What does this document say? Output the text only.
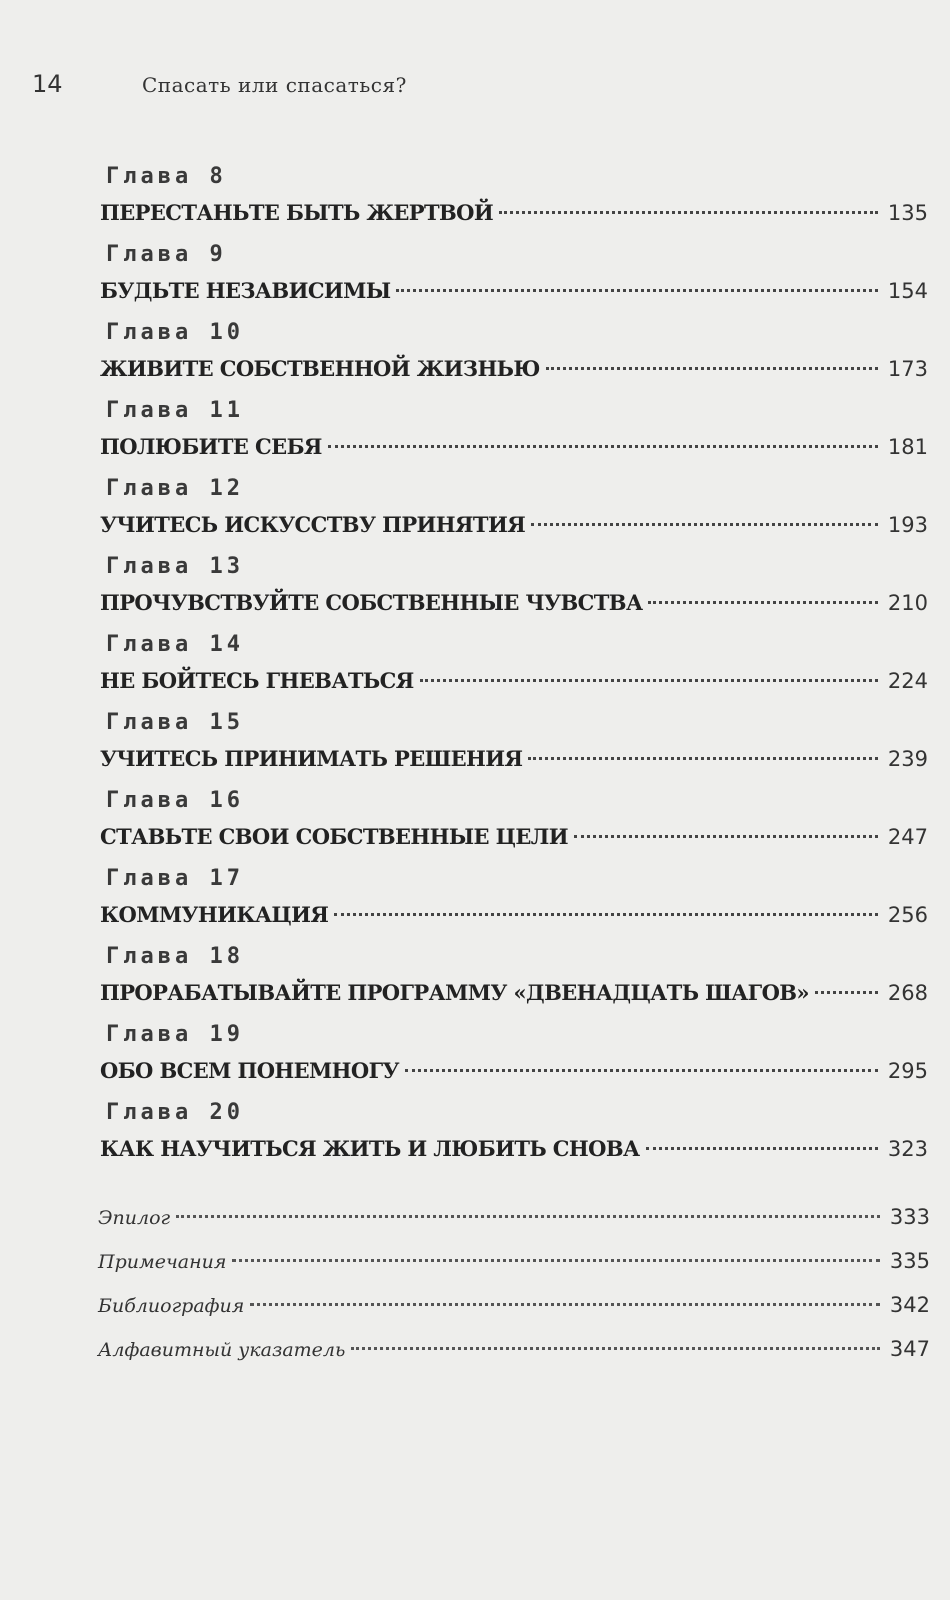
14	Спасать или спасаться?
Глава 8
ПЕРЕСТАНЬТЕ БЫТЬ ЖЕРТВОЙ	135
Глава 9
БУДЬТЕ НЕЗАВИСИМЫ	154
Глава 10
ЖИВИТЕ СОБСТВЕННОЙ ЖИЗНЬЮ	173
Глава 11
ПОЛЮБИТЕ СЕБЯ	181
Глава 12
УЧИТЕСЬ ИСКУССТВУ ПРИНЯТИЯ	193
Глава 13
ПРОЧУВСТВУЙТЕ СОБСТВЕННЫЕ ЧУВСТВА	210
Глава 14
НЕ БОЙТЕСЬ ГНЕВАТЬСЯ	224
Глава 15
УЧИТЕСЬ ПРИНИМАТЬ РЕШЕНИЯ	239
Глава 16
СТАВЬТЕ СВОИ СОБСТВЕННЫЕ ЦЕЛИ	247
Глава 17
КОММУНИКАЦИЯ	256
Глава 18
ПРОРАБАТЫВАЙТЕ ПРОГРАММУ «ДВЕНАДЦАТЬ ШАГОВ»	268
Глава 19
ОБО ВСЕМ ПОНЕМНОГУ	295
Глава 20
КАК НАУЧИТЬСЯ ЖИТЬ И ЛЮБИТЬ СНОВА	323
Эпилог	333
Примечания	335
Библиография	342
Алфавитный указатель	347
